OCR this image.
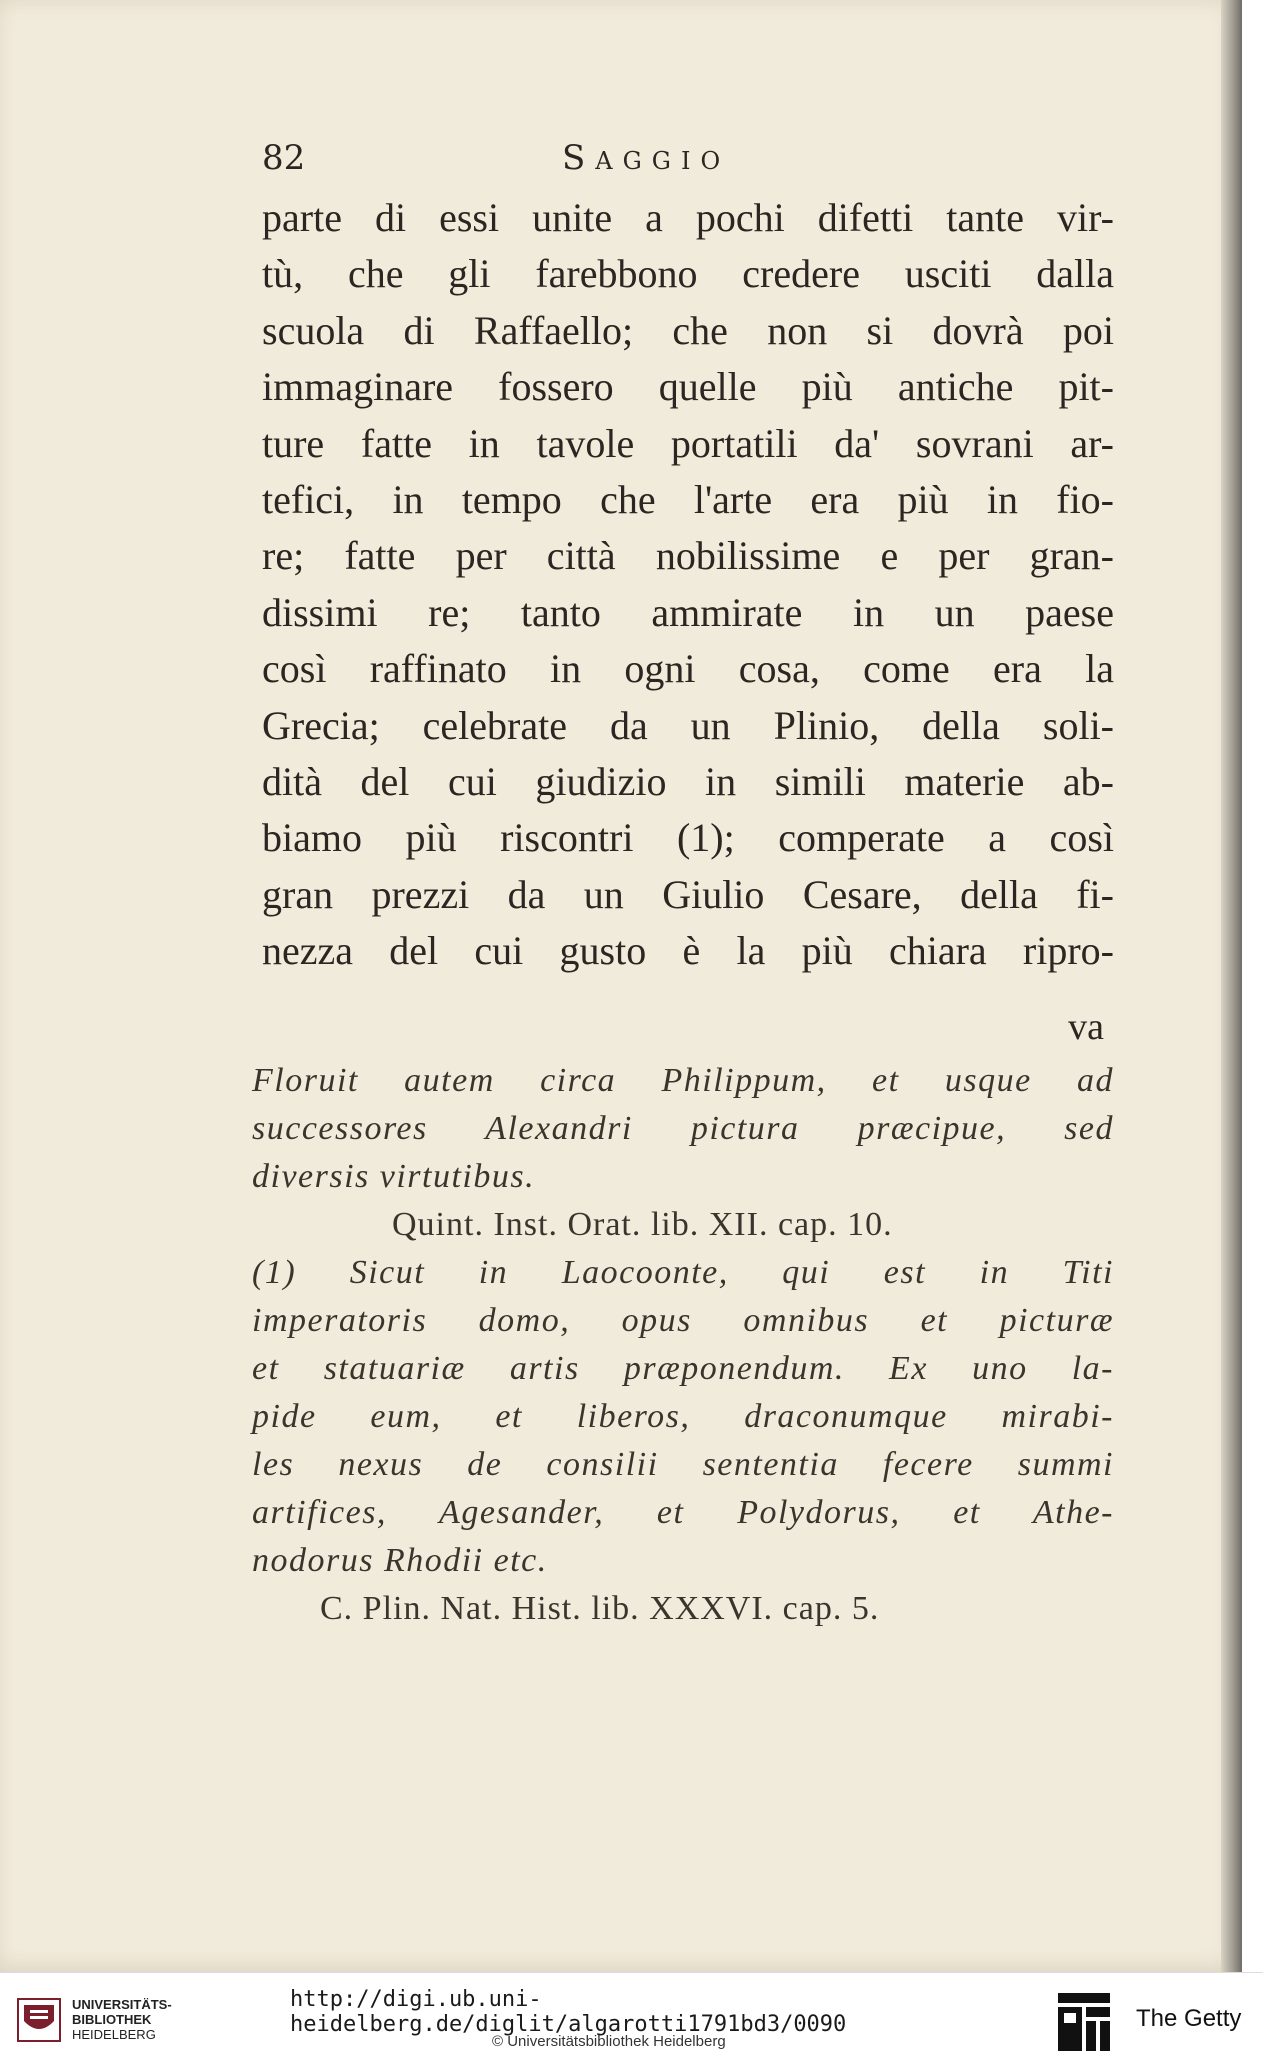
82	Saggio
parte di essi unite a pochi difetti tante vir-
tù, che gli farebbono credere usciti dalla
scuola di Raffaello; che non si dovrà poi
immaginare fossero quelle più antiche pit-
ture fatte in tavole portatili da' sovrani ar-
tefici, in tempo che l'arte era più in fio-
re; fatte per città nobilissime e per gran-
dissimi re; tanto ammirate in un paese
così raffinato in ogni cosa, come era la
Grecia; celebrate da un Plinio, della soli-
dità del cui giudizio in simili materie ab-
biamo più riscontri (1); comperate a così
gran prezzi da un Giulio Cesare, della fi-
nezza del cui gusto è la più chiara ripro-
va
Floruit autem circa Philippum, et usque ad
successores Alexandri pictura præcipue, sed
diversis virtutibus.
Quint. Inst. Orat. lib. XII. cap. 10.
(1) Sicut in Laocoonte, qui est in Titi
imperatoris domo, opus omnibus et picturæ
et statuariæ artis præponendum. Ex uno la-
pide eum, et liberos, draconumque mirabi-
les nexus de consilii sententia fecere summi
artifices, Agesander, et Polydorus, et Athe-
nodorus Rhodii etc.
C. Plin. Nat. Hist. lib. XXXVI. cap. 5.
UNIVERSITÄTS-
BIBLIOTHEK
HEIDELBERG
http://digi.ub.uni-heidelberg.de/diglit/algarotti1791bd3/0090
© Universitätsbibliothek Heidelberg
The Getty
